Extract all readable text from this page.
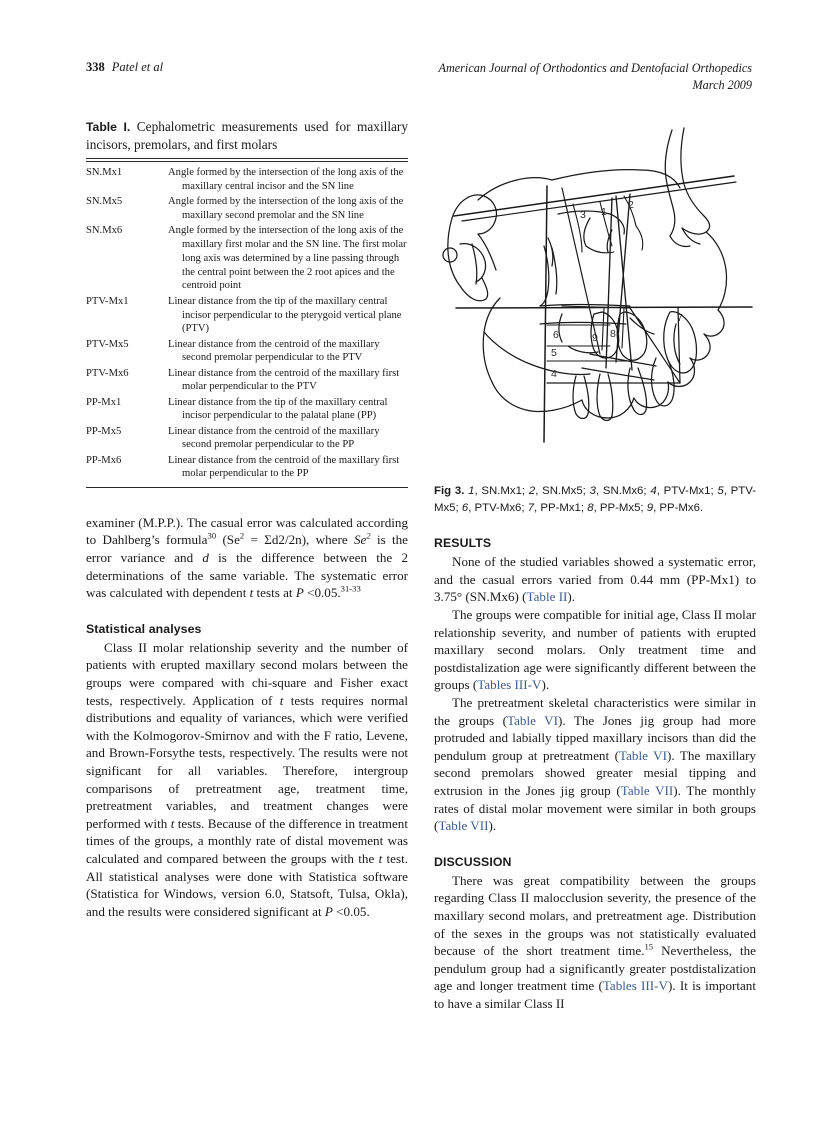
338 Patel et al	American Journal of Orthodontics and Dentofacial Orthopedics
March 2009
Table I. Cephalometric measurements used for maxillary incisors, premolars, and first molars
SN.Mx1	Angle formed by the intersection of the long axis of the maxillary central incisor and the SN line

SN.Mx5	Angle formed by the intersection of the long axis of the maxillary second premolar and the SN line

SN.Mx6	Angle formed by the intersection of the long axis of the maxillary first molar and the SN line. The first molar long axis was determined by a line passing through the central point between the 2 root apices and the centroid point

PTV-Mx1	Linear distance from the tip of the maxillary central incisor perpendicular to the pterygoid vertical plane (PTV)

PTV-Mx5	Linear distance from the centroid of the maxillary second premolar perpendicular to the PTV

PTV-Mx6	Linear distance from the centroid of the maxillary first molar perpendicular to the PTV

PP-Mx1	Linear distance from the tip of the maxillary central incisor perpendicular to the palatal plane (PP)

PP-Mx5	Linear distance from the centroid of the maxillary second premolar perpendicular to the PP

PP-Mx6	Linear distance from the centroid of the maxillary first molar perpendicular to the PP

examiner (M.P.P.). The casual error was calculated according to Dahlberg’s formula$^{30}$ $(Se^2 = \Sigma d2/2n)$, where Se$^2$ is the error variance and d is the difference between the 2 determinations of the same variable. The systematic error was calculated with dependent t tests at P <0.05.$^{31-33}$

Statistical analyses

Class II molar relationship severity and the number of patients with erupted maxillary second molars between the groups were compared with chi-square and Fisher exact tests, respectively. Application of t tests requires normal distributions and equality of variances, which were verified with the Kolmogorov-Smirnov and with the F ratio, Levene, and Brown-Forsythe tests, respectively. The results were not significant for all variables. Therefore, intergroup comparisons of pretreatment age, treatment time, pretreatment variables, and treatment changes were performed with t tests. Because of the difference in treatment times of the groups, a monthly rate of distal movement was calculated and compared between the groups with the t test. All statistical analyses were done with Statistica software (Statistica for Windows, version 6.0, Statsoft, Tulsa, Okla), and the results were considered significant at P <0.05.

1
2
3
4
5
6
7
8
9
Fig 3. 1, SN.Mx1; 2, SN.Mx5; 3, SN.Mx6; 4, PTV-Mx1; 5, PTV-Mx5; 6, PTV-Mx6; 7, PP-Mx1; 8, PP-Mx5; 9, PP-Mx6.
RESULTS

None of the studied variables showed a systematic error, and the casual errors varied from 0.44 mm (PP-Mx1) to 3.75° (SN.Mx6) (Table II).

The groups were compatible for initial age, Class II molar relationship severity, and number of patients with erupted maxillary second molars. Only treatment time and postdistalization age were significantly different between the groups (Tables III-V).

The pretreatment skeletal characteristics were similar in the groups (Table VI). The Jones jig group had more protruded and labially tipped maxillary incisors than did the pendulum group at pretreatment (Table VI). The maxillary second premolars showed greater mesial tipping and extrusion in the Jones jig group (Table VII). The monthly rates of distal molar movement were similar in both groups (Table VII).

DISCUSSION

There was great compatibility between the groups regarding Class II malocclusion severity, the presence of the maxillary second molars, and pretreatment age. Distribution of the sexes in the groups was not statistically evaluated because of the short treatment time.$^{15}$ Nevertheless, the pendulum group had a significantly greater postdistalization age and longer treatment time (Tables III-V). It is important to have a similar Class II
